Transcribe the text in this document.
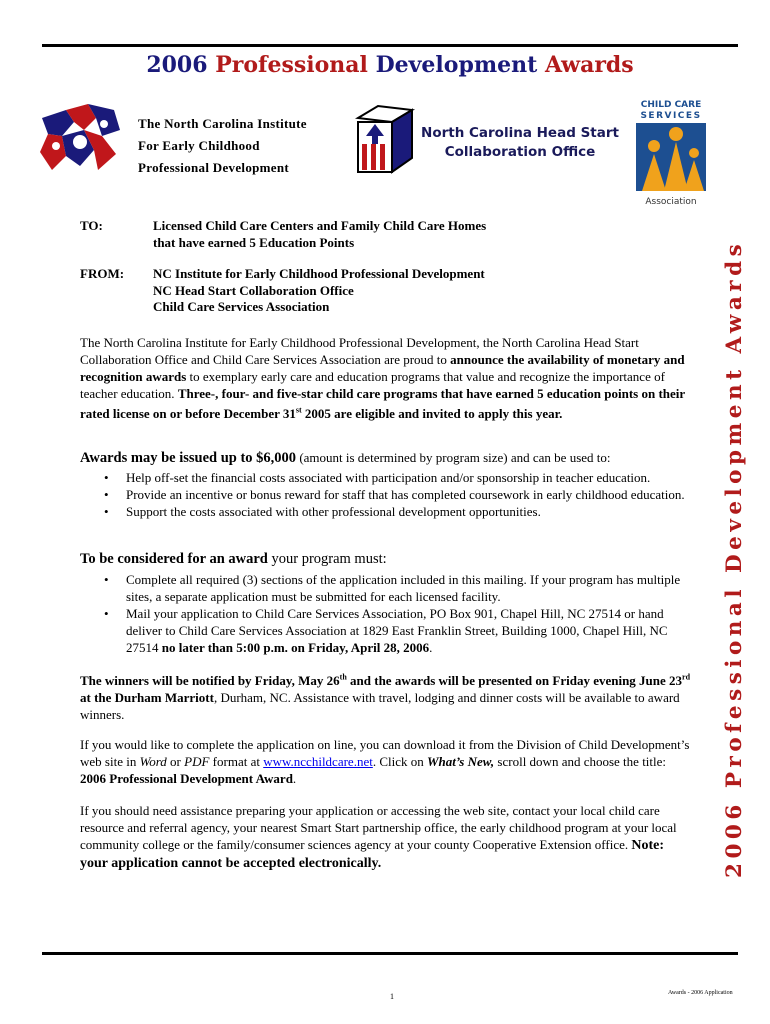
2006 Professional Development Awards
The North Carolina Institute
For Early Childhood
Professional Development
North Carolina Head Start
Collaboration Office
CHILD CARE
SERVICES
Association
2006 Professional Development Awards
TO:	Licensed Child Care Centers and Family Child Care Homes
that have earned 5 Education Points
FROM:	NC Institute for Early Childhood Professional Development
NC Head Start Collaboration Office
Child Care Services Association
The North Carolina Institute for Early Childhood Professional Development, the North Carolina Head Start Collaboration Office and Child Care Services Association are proud to announce the availability of monetary and recognition awards to exemplary early care and education programs that value and recognize the importance of teacher education. Three-, four- and five-star child care programs that have earned 5 education points on their rated license on or before December 31st 2005 are eligible and invited to apply this year.
Awards may be issued up to $6,000 (amount is determined by program size) and can be used to:
• Help off-set the financial costs associated with participation and/or sponsorship in teacher education.
• Provide an incentive or bonus reward for staff that has completed coursework in early childhood education.
• Support the costs associated with other professional development opportunities.
To be considered for an award your program must:
• Complete all required (3) sections of the application included in this mailing. If your program has multiple sites, a separate application must be submitted for each licensed facility.
• Mail your application to Child Care Services Association, PO Box 901, Chapel Hill, NC 27514 or hand deliver to Child Care Services Association at 1829 East Franklin Street, Building 1000, Chapel Hill, NC 27514 no later than 5:00 p.m. on Friday, April 28, 2006.
The winners will be notified by Friday, May 26th and the awards will be presented on Friday evening June 23rd at the Durham Marriott, Durham, NC. Assistance with travel, lodging and dinner costs will be available to award winners.
If you would like to complete the application on line, you can download it from the Division of Child Development’s web site in Word or PDF format at www.ncchildcare.net. Click on What’s New, scroll down and choose the title: 2006 Professional Development Award.
If you should need assistance preparing your application or accessing the web site, contact your local child care resource and referral agency, your nearest Smart Start partnership office, the early childhood program at your local community college or the family/consumer sciences agency at your county Cooperative Extension office. Note: your application cannot be accepted electronically.
1	Awards - 2006 Application
